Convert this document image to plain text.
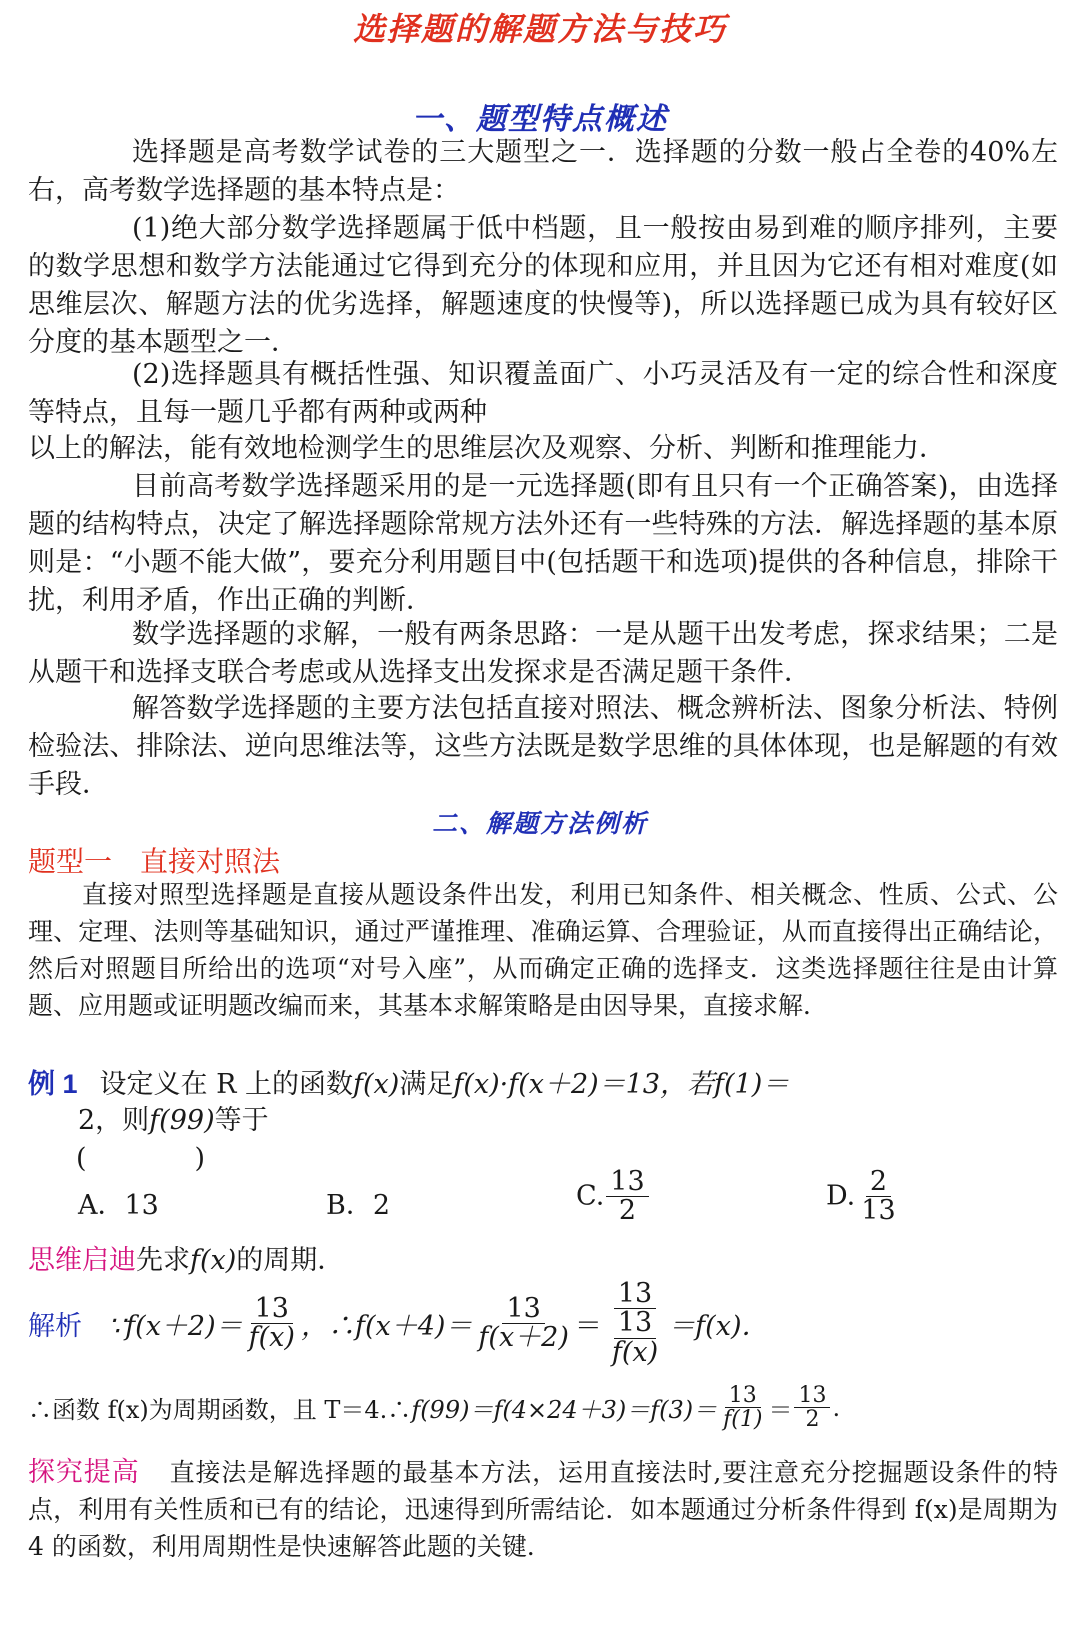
选择题的解题方法与技巧
一、题型特点概述

选择题是高考数学试卷的三大题型之一．选择题的分数一般占全卷的40%左右，高考数学选择题的基本特点是：

(1)绝大部分数学选择题属于低中档题，且一般按由易到难的顺序排列，主要的数学思想和数学方法能通过它得到充分的体现和应用，并且因为它还有相对难度(如思维层次、解题方法的优劣选择，解题速度的快慢等)，所以选择题已成为具有较好区分度的基本题型之一．

(2)选择题具有概括性强、知识覆盖面广、小巧灵活及有一定的综合性和深度等特点，且每一题几乎都有两种或两种

以上的解法，能有效地检测学生的思维层次及观察、分析、判断和推理能力．

目前高考数学选择题采用的是一元选择题(即有且只有一个正确答案)，由选择题的结构特点，决定了解选择题除常规方法外还有一些特殊的方法．解选择题的基本原则是：“小题不能大做”，要充分利用题目中(包括题干和选项)提供的各种信息，排除干扰，利用矛盾，作出正确的判断．

数学选择题的求解，一般有两条思路：一是从题干出发考虑，探求结果；二是从题干和选择支联合考虑或从选择支出发探求是否满足题干条件．

解答数学选择题的主要方法包括直接对照法、概念辨析法、图象分析法、特例检验法、排除法、逆向思维法等，这些方法既是数学思维的具体体现，也是解题的有效手段．

二、解题方法例析
题型一　直接对照法

直接对照型选择题是直接从题设条件出发，利用已知条件、相关概念、性质、公式、公理、定理、法则等基础知识，通过严谨推理、准确运算、合理验证，从而直接得出正确结论，然后对照题目所给出的选项“对号入座”，从而确定正确的选择支．这类选择题往往是由计算题、应用题或证明题改编而来，其基本求解策略是由因导果，直接求解．

例 1 设定义在 R 上的函数f(x)满足f(x)·f(x＋2)＝13，若f(1)＝
2，则f(99)等于
(　　　　)
A．13	B．2	C. $\frac{13}{2}$	D. $\frac{2}{13}$
思维启迪先求f(x)的周期．
解析 ∵f(x＋2)＝ $\frac{13}{f(x)}$ ，∴f(x＋4)＝ $\frac{13}{f(x+2)} = \frac{13}{\frac{13}{f(x)}} =f(x)$．
∴函数 f(x)为周期函数，且 T＝4.∴ $f(99)=f(4\times 24+3)=f(3)= \frac{13}{f(1)} = \frac{13}{2}$ .

探究提高 直接法是解选择题的最基本方法，运用直接法时,要注意充分挖掘题设条件的特点，利用有关性质和已有的结论，迅速得到所需结论．如本题通过分析条件得到 f(x)是周期为 4 的函数，利用周期性是快速解答此题的关键．
